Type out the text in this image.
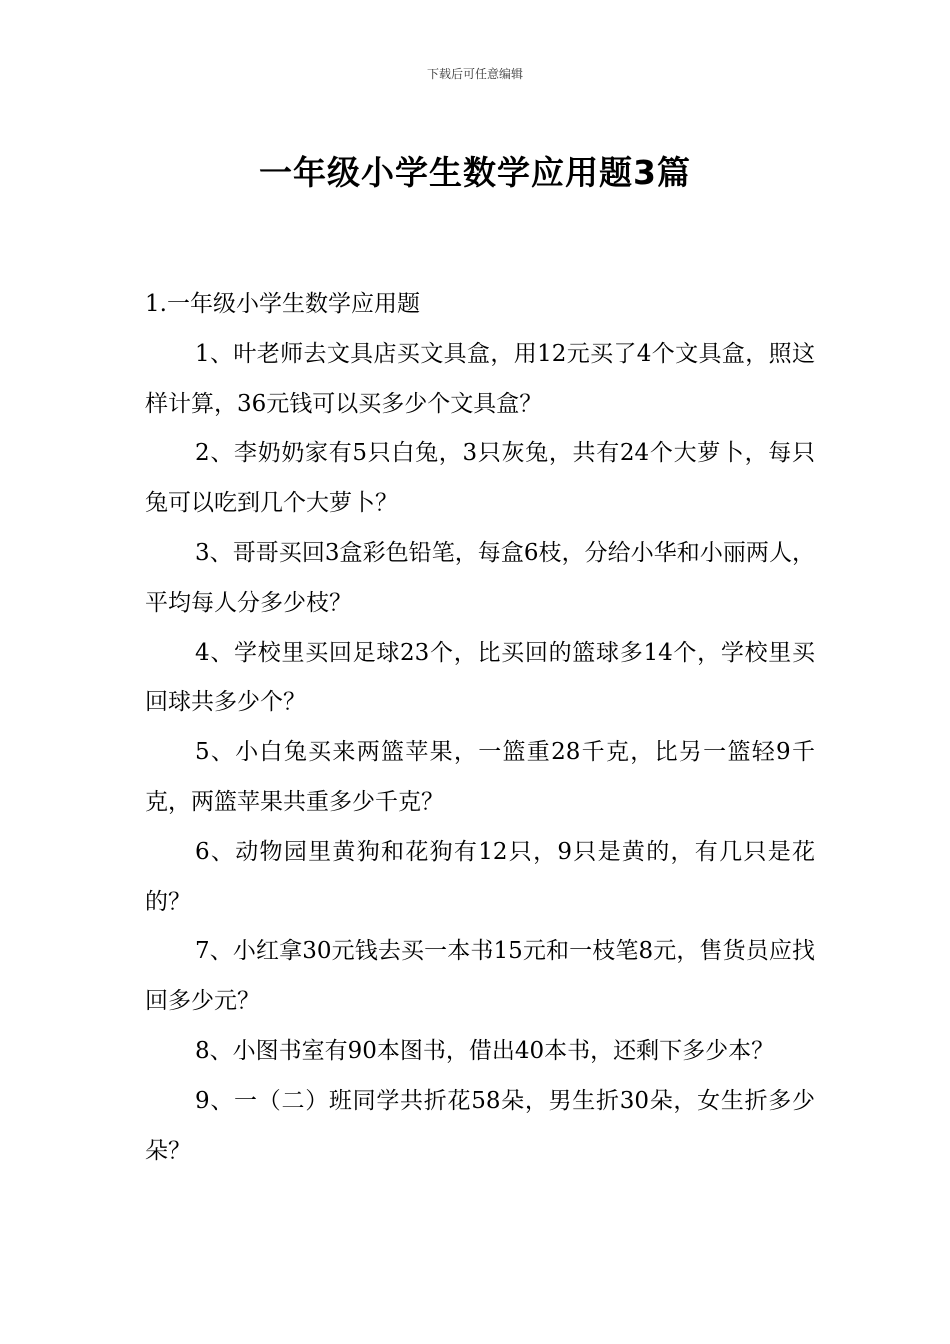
下载后可任意编辑
一年级小学生数学应用题3篇
1.一年级小学生数学应用题

1、叶老师去文具店买文具盒，用12元买了4个文具盒，照这样计算，36元钱可以买多少个文具盒？

2、李奶奶家有5只白兔，3只灰兔，共有24个大萝卜，每只兔可以吃到几个大萝卜？

3、哥哥买回3盒彩色铅笔，每盒6枝，分给小华和小丽两人，平均每人分多少枝？

4、学校里买回足球23个，比买回的篮球多14个，学校里买回球共多少个？

5、小白兔买来两篮苹果，一篮重28千克，比另一篮轻9千克，两篮苹果共重多少千克？

6、动物园里黄狗和花狗有12只，9只是黄的，有几只是花的？

7、小红拿30元钱去买一本书15元和一枝笔8元，售货员应找回多少元？

8、小图书室有90本图书，借出40本书，还剩下多少本？

9、一（二）班同学共折花58朵，男生折30朵，女生折多少朵？
